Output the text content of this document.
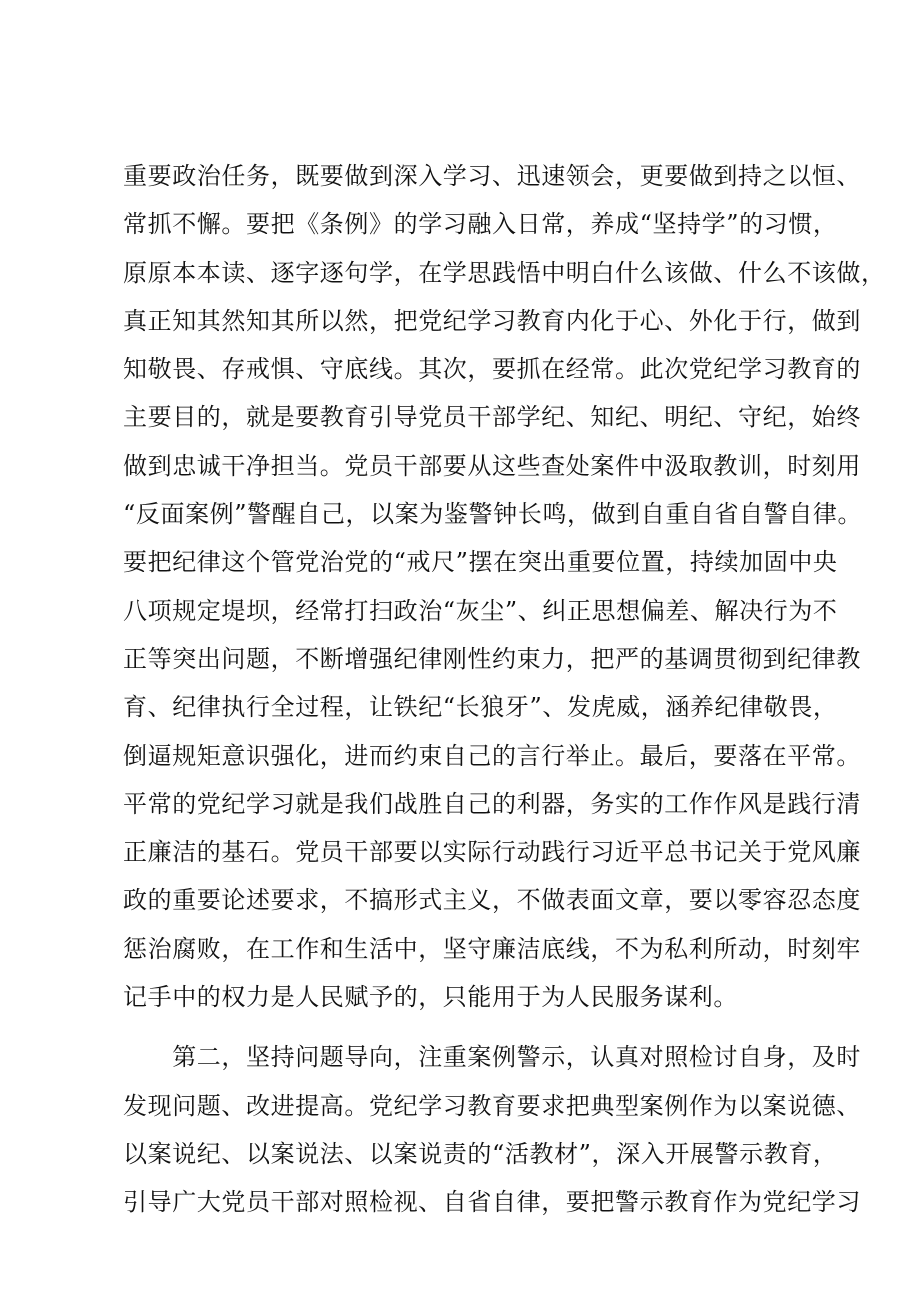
重要政治任务，既要做到深入学习、迅速领会，更要做到持之以恒、
常抓不懈。要把《条例》的学习融入日常，养成“坚持学”的习惯，
原原本本读、逐字逐句学，在学思践悟中明白什么该做、什么不该做，
真正知其然知其所以然，把党纪学习教育内化于心、外化于行，做到
知敬畏、存戒惧、守底线。其次，要抓在经常。此次党纪学习教育的
主要目的，就是要教育引导党员干部学纪、知纪、明纪、守纪，始终
做到忠诚干净担当。党员干部要从这些查处案件中汲取教训，时刻用
“反面案例”警醒自己，以案为鉴警钟长鸣，做到自重自省自警自律。
要把纪律这个管党治党的“戒尺”摆在突出重要位置，持续加固中央
八项规定堤坝，经常打扫政治“灰尘”、纠正思想偏差、解决行为不
正等突出问题，不断增强纪律刚性约束力，把严的基调贯彻到纪律教
育、纪律执行全过程，让铁纪“长狼牙”、发虎威，涵养纪律敬畏，
倒逼规矩意识强化，进而约束自己的言行举止。最后，要落在平常。
平常的党纪学习就是我们战胜自己的利器，务实的工作作风是践行清
正廉洁的基石。党员干部要以实际行动践行习近平总书记关于党风廉
政的重要论述要求，不搞形式主义，不做表面文章，要以零容忍态度
惩治腐败，在工作和生活中，坚守廉洁底线，不为私利所动，时刻牢
记手中的权力是人民赋予的，只能用于为人民服务谋利。
　　第二，坚持问题导向，注重案例警示，认真对照检讨自身，及时
发现问题、改进提高。党纪学习教育要求把典型案例作为以案说德、
以案说纪、以案说法、以案说责的“活教材”，深入开展警示教育，
引导广大党员干部对照检视、自省自律，要把警示教育作为党纪学习
